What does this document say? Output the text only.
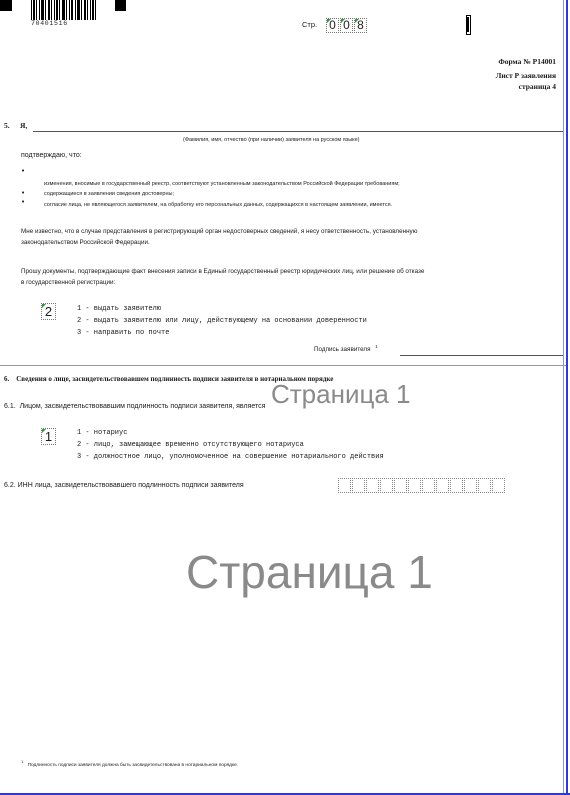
70401516	Стр. 0 0 8
Форма № Р14001
Лист Р заявления
страница 4
5. Я,
(Фамилия, имя, отчество (при наличии) заявителя на русском языке)
подтверждаю, что:
•
•
•
изменения, вносимые в государственный реестр, соответствуют установленным законодательством Российской Федерации требованиям;
содержащиеся в заявлении сведения достоверны;
согласие лица, не являющегося заявителем, на обработку его персональных данных, содержащихся в настоящем заявлении, имеется.
Мне известно, что в случае представления в регистрирующий орган недостоверных сведений, я несу ответственность, установленную
законодательством Российской Федерации.
Прошу документы, подтверждающие факт внесения записи в Единый государственный реестр юридических лиц, или решение об отказе
в государственной регистрации:
2	1 - выдать заявителю
2 - выдать заявителю или лицу, действующему на основании доверенности
3 - направить по почте
Подпись заявителя $^1$
6.    Сведения о лице, засвидетельствовавшем подлинность подписи заявителя в нотариальном порядке
Страница 1
6.1.  Лицом, засвидетельствовавшим подлинность подписи заявителя, является
1	1 - нотариус
2 - лицо, замещающее временно отсутствующего нотариуса
3 - должностное лицо, уполномоченное на совершение нотариального действия
6.2. ИНН лица, засвидетельствовавшего подлинность подписи заявителя
Страница 1
$^1$ Подлинность подписи заявителя должна быть засвидетельствована в нотариальном порядке.
